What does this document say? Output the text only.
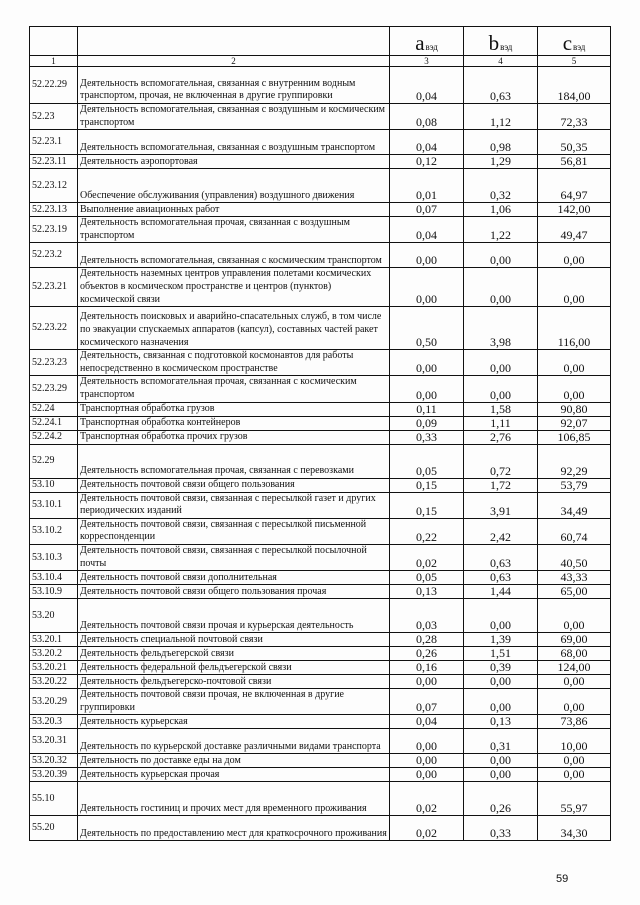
		aвэд	bвэд	cвэд
1	2	3	4	5
52.22.29	Деятельность вспомогательная, связанная с внутренним водным транспортом, прочая, не включенная в другие группировки	0,04	0,63	184,00
52.23	Деятельность вспомогательная, связанная с воздушным и космическим транспортом	0,08	1,12	72,33
52.23.1	Деятельность вспомогательная, связанная с воздушным транспортом	0,04	0,98	50,35
52.23.11	Деятельность аэропортовая	0,12	1,29	56,81
52.23.12	Обеспечение обслуживания (управления) воздушного движения	0,01	0,32	64,97
52.23.13	Выполнение авиационных работ	0,07	1,06	142,00
52.23.19	Деятельность вспомогательная прочая, связанная с воздушным транспортом	0,04	1,22	49,47
52.23.2	Деятельность вспомогательная, связанная с космическим транспортом	0,00	0,00	0,00
52.23.21	Деятельность наземных центров управления полетами космических объектов в космическом пространстве и центров (пунктов) космической связи	0,00	0,00	0,00
52.23.22	Деятельность поисковых и аварийно-спасательных служб, в том числе по эвакуации спускаемых аппаратов (капсул), составных частей ракет космического назначения	0,50	3,98	116,00
52.23.23	Деятельность, связанная с подготовкой космонавтов для работы непосредственно в космическом пространстве	0,00	0,00	0,00
52.23.29	Деятельность вспомогательная прочая, связанная с космическим транспортом	0,00	0,00	0,00
52.24	Транспортная обработка грузов	0,11	1,58	90,80
52.24.1	Транспортная обработка контейнеров	0,09	1,11	92,07
52.24.2	Транспортная обработка прочих грузов	0,33	2,76	106,85
52.29	Деятельность вспомогательная прочая, связанная с перевозками	0,05	0,72	92,29
53.10	Деятельность почтовой связи общего пользования	0,15	1,72	53,79
53.10.1	Деятельность почтовой связи, связанная с пересылкой газет и других периодических изданий	0,15	3,91	34,49
53.10.2	Деятельность почтовой связи, связанная с пересылкой письменной корреспонденции	0,22	2,42	60,74
53.10.3	Деятельность почтовой связи, связанная с пересылкой посылочной почты	0,02	0,63	40,50
53.10.4	Деятельность почтовой связи дополнительная	0,05	0,63	43,33
53.10.9	Деятельность почтовой связи общего пользования прочая	0,13	1,44	65,00
53.20	Деятельность почтовой связи прочая и курьерская деятельность	0,03	0,00	0,00
53.20.1	Деятельность специальной почтовой связи	0,28	1,39	69,00
53.20.2	Деятельность фельдъегерской связи	0,26	1,51	68,00
53.20.21	Деятельность федеральной фельдъегерской связи	0,16	0,39	124,00
53.20.22	Деятельность фельдъегерско-почтовой связи	0,00	0,00	0,00
53.20.29	Деятельность почтовой связи прочая, не включенная в другие группировки	0,07	0,00	0,00
53.20.3	Деятельность курьерская	0,04	0,13	73,86
53.20.31	Деятельность по курьерской доставке различными видами транспорта	0,00	0,31	10,00
53.20.32	Деятельность по доставке еды на дом	0,00	0,00	0,00
53.20.39	Деятельность курьерская прочая	0,00	0,00	0,00
55.10	Деятельность гостиниц и прочих мест для временного проживания	0,02	0,26	55,97
55.20	Деятельность по предоставлению мест для краткосрочного проживания	0,02	0,33	34,30
59
